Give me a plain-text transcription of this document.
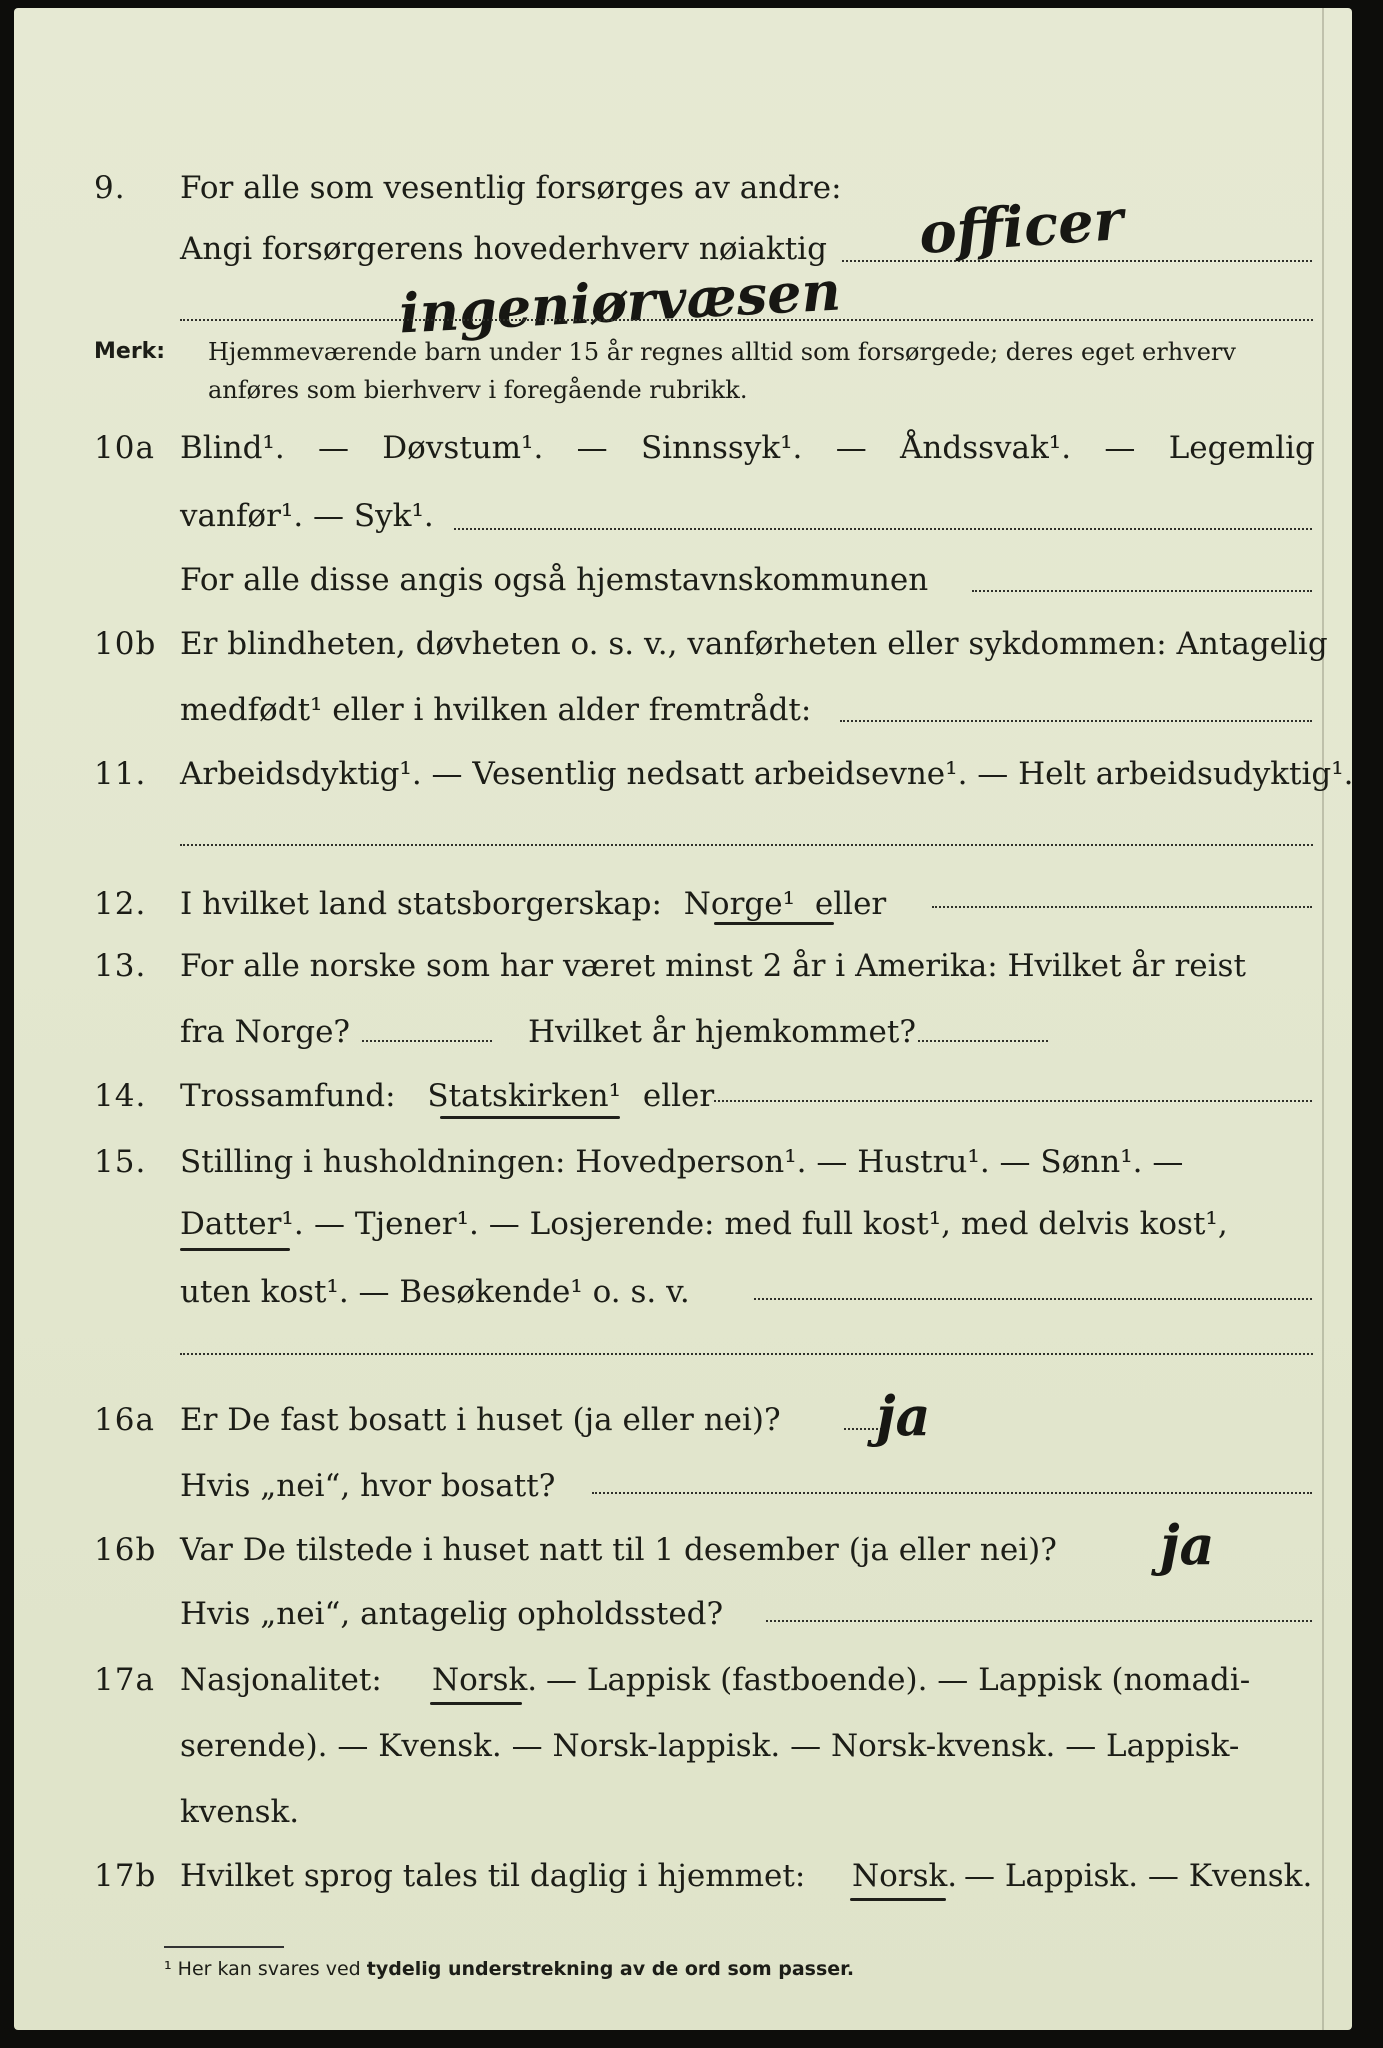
9.	For alle som vesentlig forsørges av andre:
Angi forsørgerens hovederhverv nøiaktig officer
ingeniørvæsen
Merk: Hjemmeværende barn under 15 år regnes alltid som forsørgede; deres eget erhverv
anføres som bierhverv i foregående rubrikk.
10a Blind¹. — Døvstum¹. — Sinnssyk¹. — Åndssvak¹. — Legemlig
vanfør¹. — Syk¹.
For alle disse angis også hjemstavnskommunen
10b Er blindheten, døvheten o. s. v., vanførheten eller sykdommen: Antagelig
medfødt¹ eller i hvilken alder fremtrådt:
11.	Arbeidsdyktig¹. — Vesentlig nedsatt arbeidsevne¹. — Helt arbeidsudyktig¹.
12.	I hvilket land statsborgerskap: Norge¹ eller
13.	For alle norske som har været minst 2 år i Amerika: Hvilket år reist
fra Norge?	Hvilket år hjemkommet?
14.	Trossamfund: Statskirken¹ eller
15.	Stilling i husholdningen: Hovedperson¹. — Hustru¹. — Sønn¹. —
Datter¹. — Tjener¹. — Losjerende: med full kost¹, med delvis kost¹,
uten kost¹. — Besøkende¹ o. s. v.
16a Er De fast bosatt i huset (ja eller nei)? ja
Hvis „nei“, hvor bosatt?
16b Var De tilstede i huset natt til 1 desember (ja eller nei)? ja
Hvis „nei“, antagelig opholdssted?
17a Nasjonalitet: Norsk. — Lappisk (fastboende). — Lappisk (nomadi-
serende). — Kvensk. — Norsk-lappisk. — Norsk-kvensk. — Lappisk-
kvensk.
17b Hvilket sprog tales til daglig i hjemmet: Norsk. — Lappisk. — Kvensk.
¹ Her kan svares ved tydelig understrekning av de ord som passer.
